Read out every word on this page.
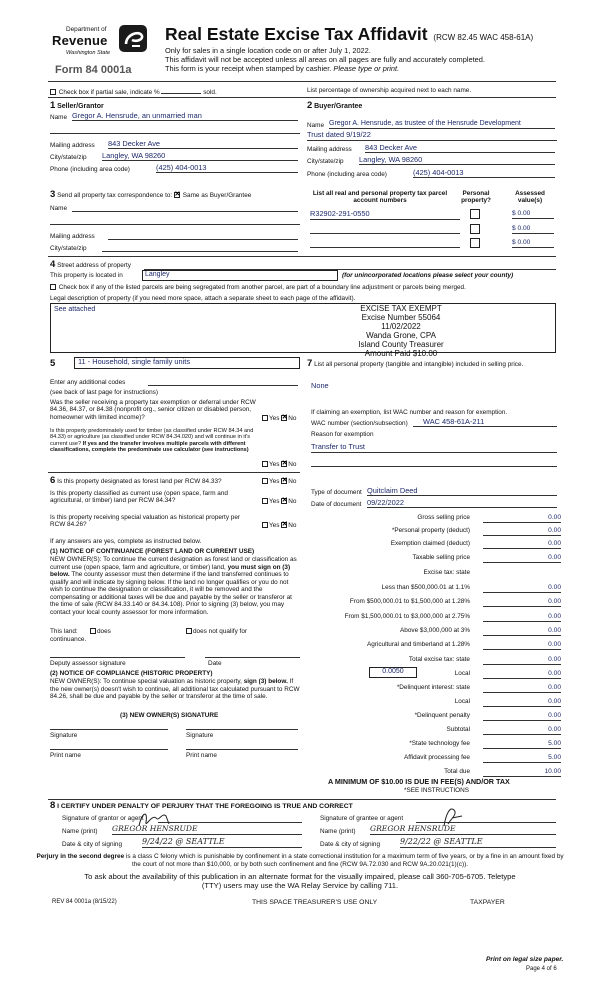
Department of
Revenue
Washington State
Form 84 0001a
Real Estate Excise Tax Affidavit (RCW 82.45 WAC 458-61A)
Only for sales in a single location code on or after July 1, 2022.
This affidavit will not be accepted unless all areas on all pages are fully and accurately completed.
This form is your receipt when stamped by cashier. Please type or print.
Check box if partial sale, indicate %	sold.	List percentage of ownership acquired next to each name.
1 Seller/Grantor
Name Gregor A. Hensrude, an unmarried man
Mailing address 843 Decker Ave
City/state/zip Langley, WA 98260
Phone (including area code)	(425) 404-0013
2 Buyer/Grantee
Name Gregor A. Hensrude, as trustee of the Hensrude Development
Trust dated 9/19/22
Mailing address 843 Decker Ave
City/state/zip Langley, WA 98260
Phone (including area code)	(425) 404-0013
3 Send all property tax correspondence to: ✕ Same as Buyer/Grantee
Name
Mailing address
City/state/zip
List all real and personal property tax parcel account numbers
Personal property?
Assessed value(s)
R32902-291-0550	$ 0.00
$ 0.00
$ 0.00
4 Street address of property
This property is located in	Langley	(for unincorporated locations please select your county)
Check box if any of the listed parcels are being segregated from another parcel, are part of a boundary line adjustment or parcels being merged.
Legal description of property (if you need more space, attach a separate sheet to each page of the affidavit).
See attached	EXCISE TAX EXEMPT
Excise Number 55064
11/02/2022
Wanda Grone, CPA
Island County Treasurer
Amount Paid $10.00
5	11 - Household, single family units
Enter any additional codes
(see back of last page for instructions)
Was the seller receiving a property tax exemption or deferral under RCW 84.36, 84.37, or 84.38 (nonprofit org., senior citizen or disabled person, homeowner with limited income)?	Yes ✕ No
Is this property predominately used for timber (as classified under RCW 84.34 and 84.33) or agriculture (as classified under RCW 84.34.020) and will continue in it's current use? If yes and the transfer involves multiple parcels with different classifications, complete the predominate use calculator (see instructions)
Yes ✕ No
6 Is this property designated as forest land per RCW 84.33?	Yes ✕ No
Is this property classified as current use (open space, farm and agricultural, or timber) land per RCW 84.34?	Yes ✕ No
Is this property receiving special valuation as historical property per RCW 84.26?	Yes ✕ No
If any answers are yes, complete as instructed below.
(1) NOTICE OF CONTINUANCE (FOREST LAND OR CURRENT USE)
NEW OWNER(S): To continue the current designation as forest land or classification as current use (open space, farm and agriculture, or timber) land, you must sign on (3) below. The county assessor must then determine if the land transferred continues to qualify and will indicate by signing below. If the land no longer qualifies or you do not wish to continue the designation or classification, it will be removed and the compensating or additional taxes will be due and payable by the seller or transferor at the time of sale (RCW 84.33.140 or 84.34.108). Prior to signing (3) below, you may contact your local county assessor for more information.
This land:	does	does not qualify for
continuance.
Deputy assessor signature	Date
(2) NOTICE OF COMPLIANCE (HISTORIC PROPERTY)
NEW OWNER(S): To continue special valuation as historic property, sign (3) below. If the new owner(s) doesn't wish to continue, all additional tax calculated pursuant to RCW 84.26, shall be due and payable by the seller or transferor at the time of sale.
(3) NEW OWNER(S) SIGNATURE
Signature	Signature
Print name	Print name
7 List all personal property (tangible and intangible) included in selling price.
None
If claiming an exemption, list WAC number and reason for exemption.
WAC number (section/subsection)	WAC 458-61A-211
Reason for exemption
Transfer to Trust
Type of document Quitclaim Deed
Date of document 09/22/2022
Gross selling price	0.00
*Personal property (deduct)	0.00
Exemption claimed (deduct)	0.00
Taxable selling price	0.00
Excise tax: state
Less than $500,000.01 at 1.1%	0.00
From $500,000.01 to $1,500,000 at 1.28%	0.00
From $1,500,000.01 to $3,000,000 at 2.75%	0.00
Above $3,000,000 at 3%	0.00
Agricultural and timberland at 1.28%	0.00
Total excise tax: state	0.00
0.0050	Local	0.00
*Delinquent interest: state	0.00
Local	0.00
*Delinquent penalty	0.00
Subtotal	0.00
*State technology fee	5.00
Affidavit processing fee	5.00
Total due	10.00
A MINIMUM OF $10.00 IS DUE IN FEE(S) AND/OR TAX
*SEE INSTRUCTIONS
8 I CERTIFY UNDER PENALTY OF PERJURY THAT THE FOREGOING IS TRUE AND CORRECT
Signature of grantor or agent
Name (print) GREGOR HENSRUDE
Date & city of signing 9/24/22 @ SEATTLE
Signature of grantee or agent
Name (print) GREGOR HENSRUDE
Date & city of signing 9/22/22 @ SEATTLE
Perjury in the second degree is a class C felony which is punishable by confinement in a state correctional institution for a maximum term of five years, or by a fine in an amount fixed by the court of not more than $10,000, or by both such confinement and fine (RCW 9A.72.030 and RCW 9A.20.021(1)(c)).
To ask about the availability of this publication in an alternate format for the visually impaired, please call 360-705-6705. Teletype (TTY) users may use the WA Relay Service by calling 711.
REV 84 0001a (8/15/22)	THIS SPACE TREASURER'S USE ONLY	TAXPAYER
Print on legal size paper.
Page 4 of 6
